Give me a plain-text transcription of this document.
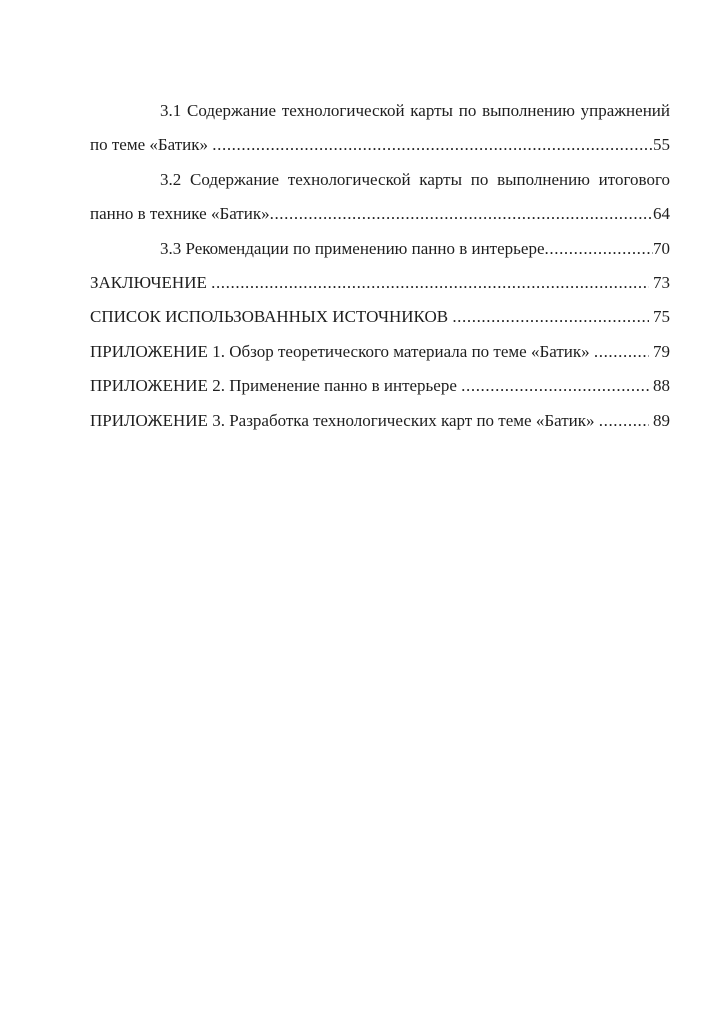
3.1 Содержание технологической карты по выполнению упражнений
по теме «Батик» .....	55
3.2 Содержание технологической карты по выполнению итогового
панно в технике «Батик» .....	64
3.3 Рекомендации по применению панно в интерьере .....	70
ЗАКЛЮЧЕНИЕ .....	73
СПИСОК ИСПОЛЬЗОВАННЫХ ИСТОЧНИКОВ .....	75
ПРИЛОЖЕНИЕ 1. Обзор теоретического материала по теме «Батик» .....	79
ПРИЛОЖЕНИЕ 2. Применение панно в интерьере .....	88
ПРИЛОЖЕНИЕ 3. Разработка технологических карт по теме «Батик» .....	89
